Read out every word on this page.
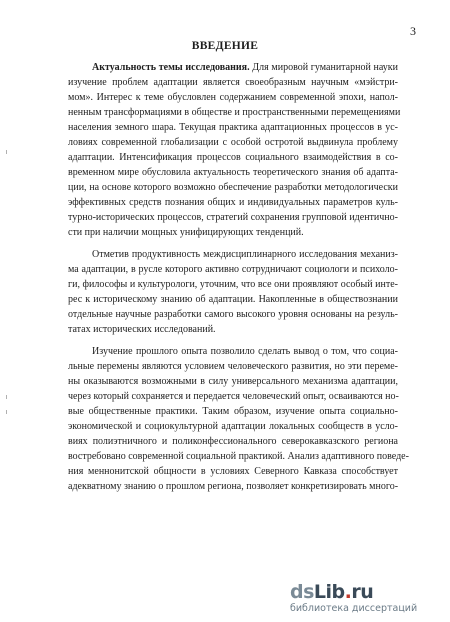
3
ВВЕДЕНИЕ
Актуальность темы исследования. Для мировой гуманитарной науки
изучение проблем адаптации является своеобразным научным «мэйстри-
мом». Интерес к теме обусловлен содержанием современной эпохи, напол-
ненным трансформациями в обществе и пространственными перемещениями
населения земного шара. Текущая практика адаптационных процессов в ус-
ловиях современной глобализации с особой остротой выдвинула проблему
адаптации. Интенсификация процессов социального взаимодействия в со-
временном мире обусловила актуальность теоретического знания об адапта-
ции, на основе которого возможно обеспечение разработки методологически
эффективных средств познания общих и индивидуальных параметров куль-
турно-исторических процессов, стратегий сохранения групповой идентично-
сти при наличии мощных унифицирующих тенденций.
Отметив продуктивность междисциплинарного исследования механиз-
ма адаптации, в русле которого активно сотрудничают социологи и психоло-
ги, философы и культурологи, уточним, что все они проявляют особый инте-
рес к историческому знанию об адаптации. Накопленные в обществознании
отдельные научные разработки самого высокого уровня основаны на резуль-
татах исторических исследований.
Изучение прошлого опыта позволило сделать вывод о том, что социа-
льные перемены являются условием человеческого развития, но эти переме-
ны оказываются возможными в силу универсального механизма адаптации,
через который сохраняется и передается человеческий опыт, осваиваются но-
вые общественные практики. Таким образом, изучение опыта социально-
экономической и социокультурной адаптации локальных сообществ в усло-
виях полиэтничного и поликонфессионального северокавказского региона
востребовано современной социальной практикой. Анализ адаптивного поведе-
ния меннонитской общности в условиях Северного Кавказа способствует
адекватному знанию о прошлом региона, позволяет конкретизировать много-
dsLib.ru
библиотека диссертаций
